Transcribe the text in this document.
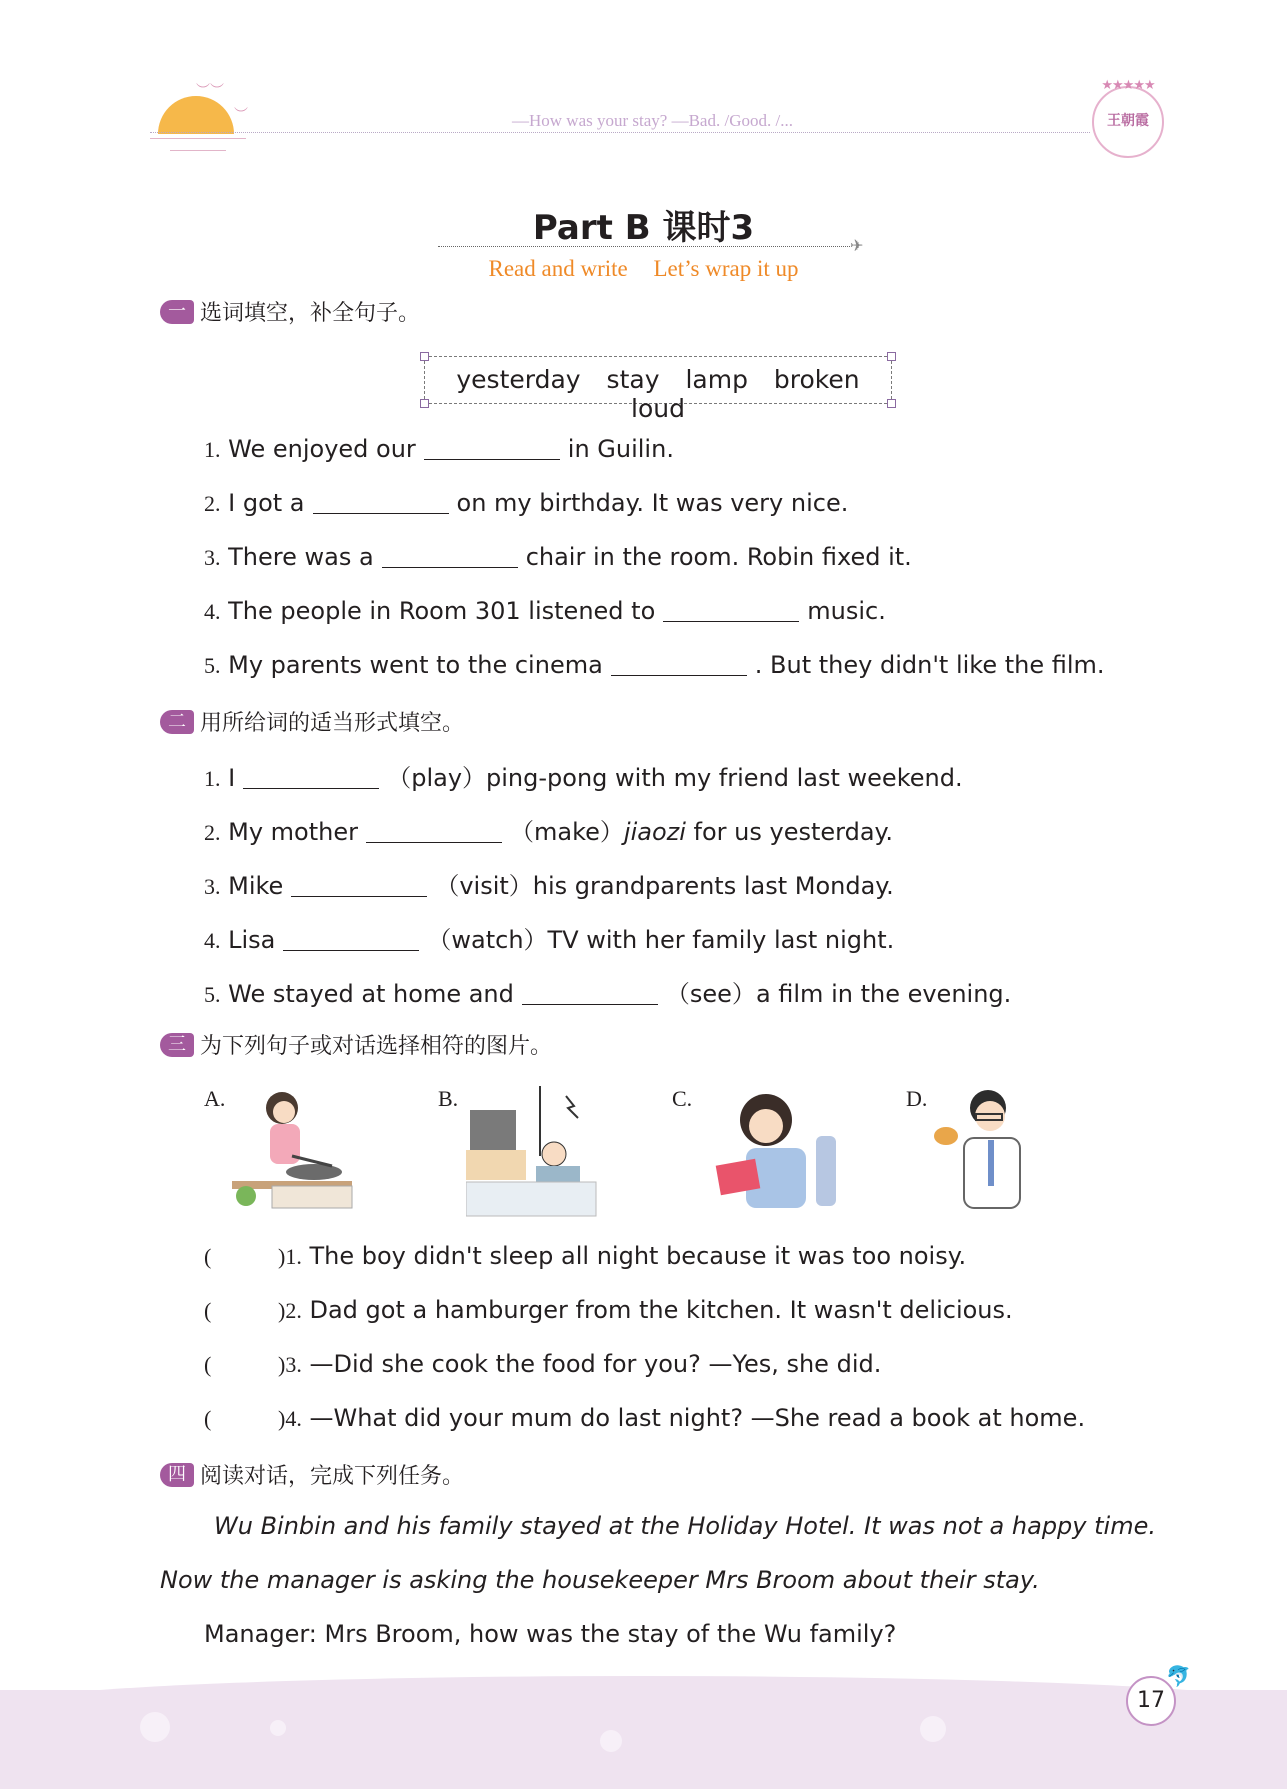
︶︶
︶	—How was your stay? —Bad. /Good. /...
★★★★★
王朝霞
Part B 课时3	✈
Read and write Let’s wrap it up
一 选词填空，补全句子。
yesterday stay lamp broken loud
1. We enjoyed our	in Guilin.
2. I got a	on my birthday. It was very nice.
3. There was a	chair in the room. Robin fixed it.
4. The people in Room 301 listened to	music.
5. My parents went to the cinema	. But they didn't like the film.
二 用所给词的适当形式填空。
1. I	（play）ping-pong with my friend last weekend.
2. My mother	（make）jiaozi for us yesterday.
3. Mike	（visit）his grandparents last Monday.
4. Lisa	（watch）TV with her family last night.
5. We stayed at home and	（see）a film in the evening.
三 为下列句子或对话选择相符的图片。
A.	B.	C.	D.
(	)1. The boy didn't sleep all night because it was too noisy.
(	)2. Dad got a hamburger from the kitchen. It wasn't delicious.
(	)3. —Did she cook the food for you? —Yes, she did.
(	)4. —What did your mum do last night? —She read a book at home.
四 阅读对话，完成下列任务。
Wu Binbin and his family stayed at the Holiday Hotel. It was not a happy time.
Now the manager is asking the housekeeper Mrs Broom about their stay.
Manager: Mrs Broom, how was the stay of the Wu family?
17
🐬
